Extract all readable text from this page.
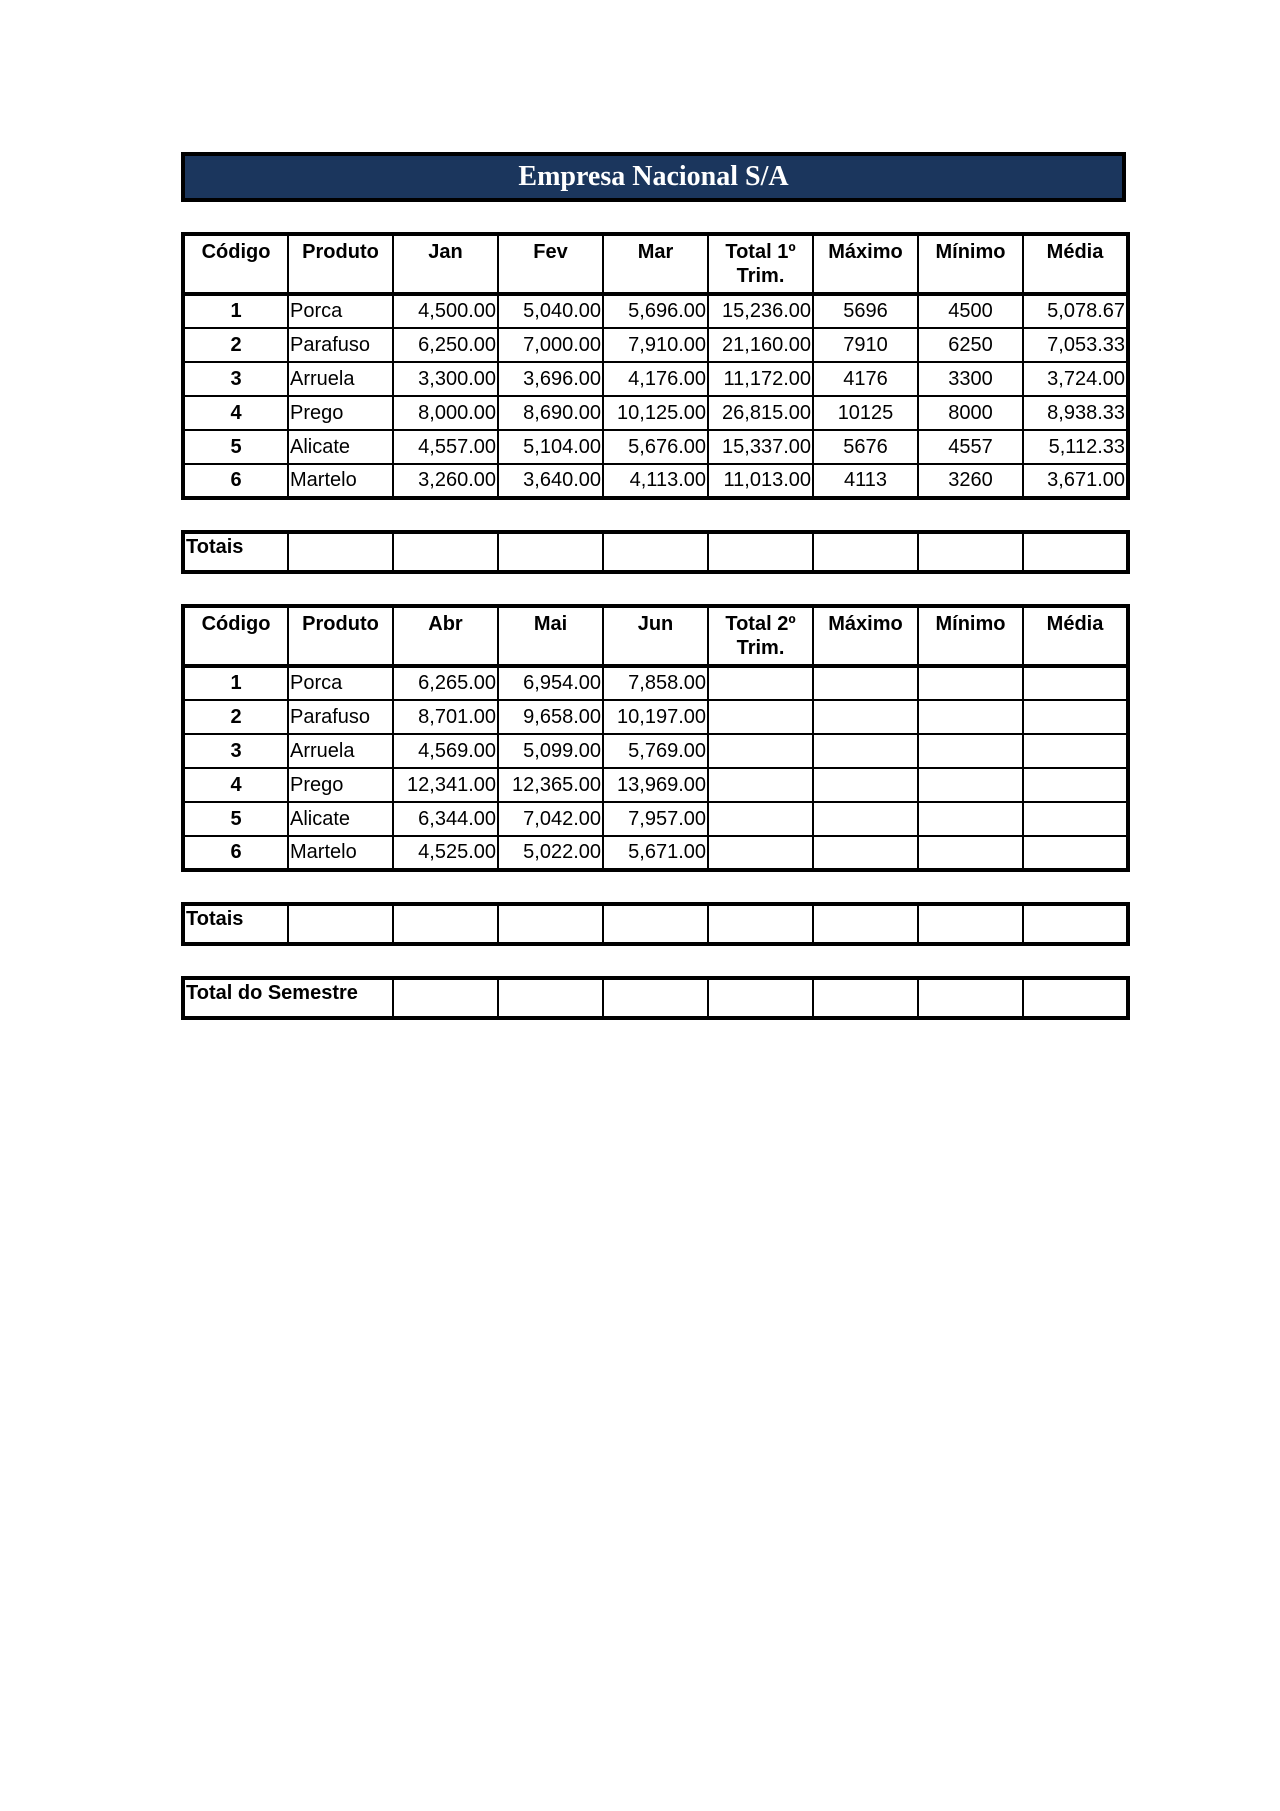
Empresa Nacional S/A
Código	Produto	Jan	Fev	Mar	Total 1º Trim.	Máximo	Mínimo	Média
1	Porca	4,500.00	5,040.00	5,696.00	15,236.00	5696	4500	5,078.67
2	Parafuso	6,250.00	7,000.00	7,910.00	21,160.00	7910	6250	7,053.33
3	Arruela	3,300.00	3,696.00	4,176.00	11,172.00	4176	3300	3,724.00
4	Prego	8,000.00	8,690.00	10,125.00	26,815.00	10125	8000	8,938.33
5	Alicate	4,557.00	5,104.00	5,676.00	15,337.00	5676	4557	5,112.33
6	Martelo	3,260.00	3,640.00	4,113.00	11,013.00	4113	3260	3,671.00
Totais								
Código	Produto	Abr	Mai	Jun	Total 2º Trim.	Máximo	Mínimo	Média
1	Porca	6,265.00	6,954.00	7,858.00				
2	Parafuso	8,701.00	9,658.00	10,197.00				
3	Arruela	4,569.00	5,099.00	5,769.00				
4	Prego	12,341.00	12,365.00	13,969.00				
5	Alicate	6,344.00	7,042.00	7,957.00				
6	Martelo	4,525.00	5,022.00	5,671.00				
Totais								
Total do Semestre							
